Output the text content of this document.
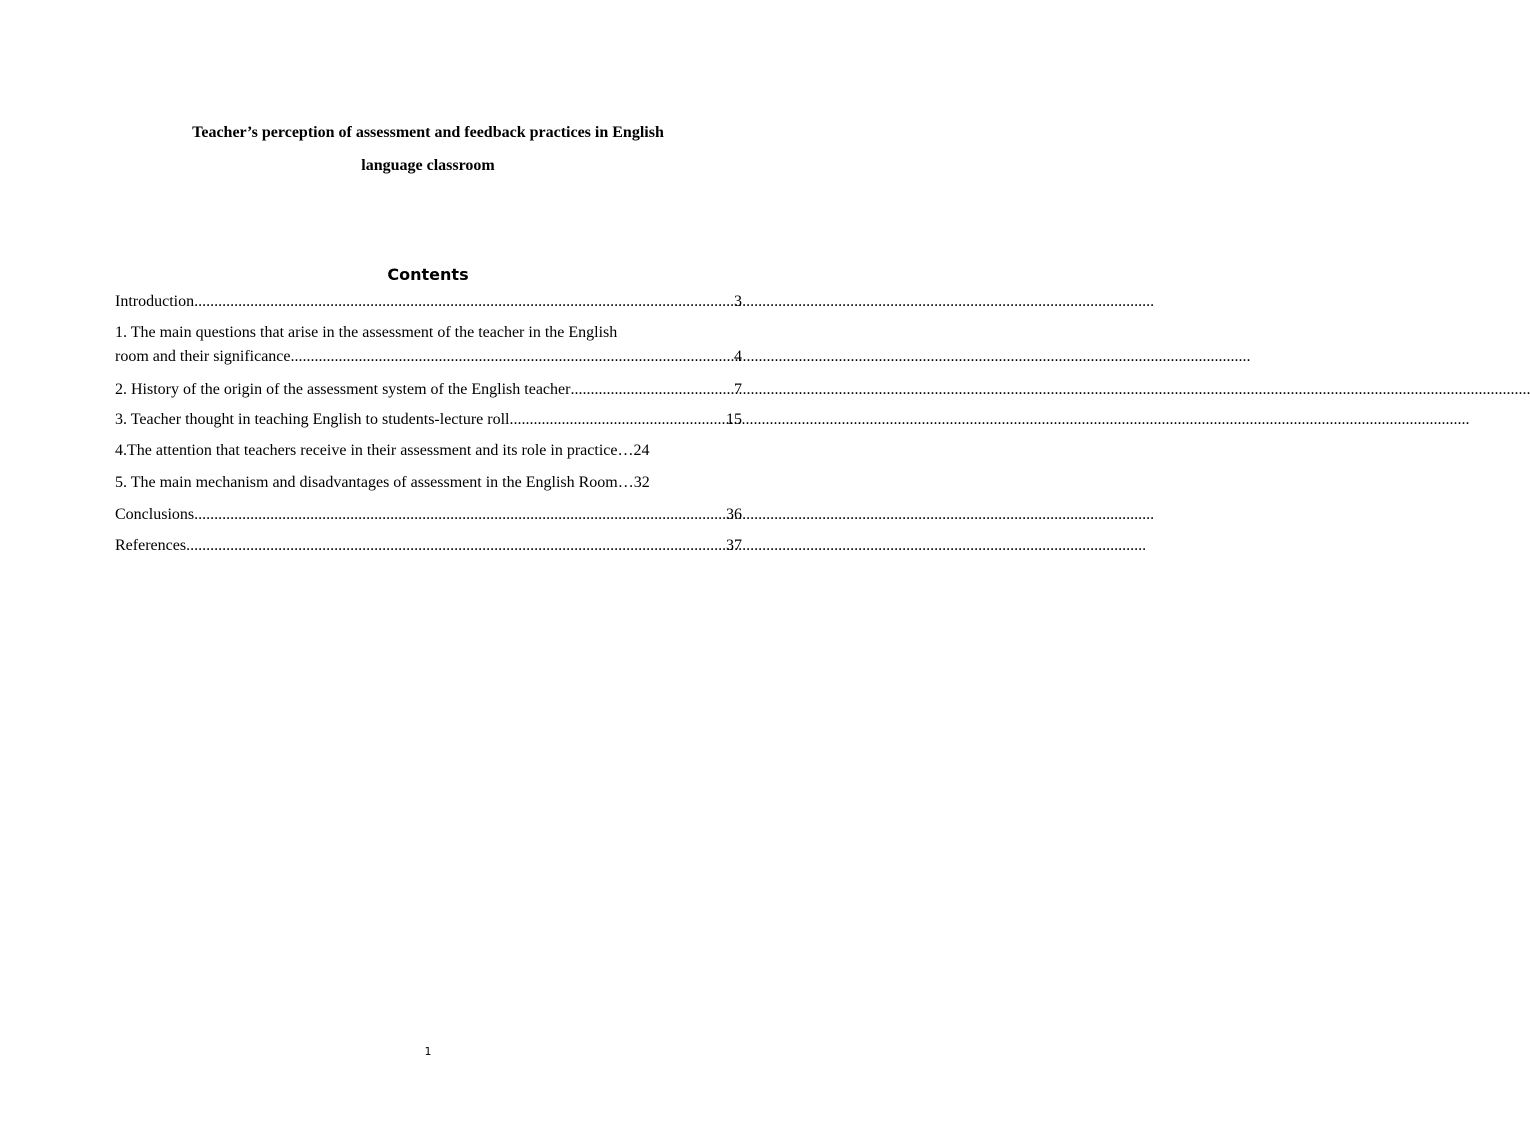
Teacher’s perception of assessment and feedback practices in English
language classroom
Contents
Introduction .....	3
1. The main questions that arise in the assessment of the teacher in the English
room and their significance .....	4
2. History of the origin of the assessment system of the English teacher .....	7
3. Teacher thought in teaching English to students-lecture roll .....	15
4.The attention that teachers receive in their assessment and its role in practice … 24
5. The main mechanism and disadvantages of assessment in the English Room … 32
Conclusions .....	36
References .....	37
1
